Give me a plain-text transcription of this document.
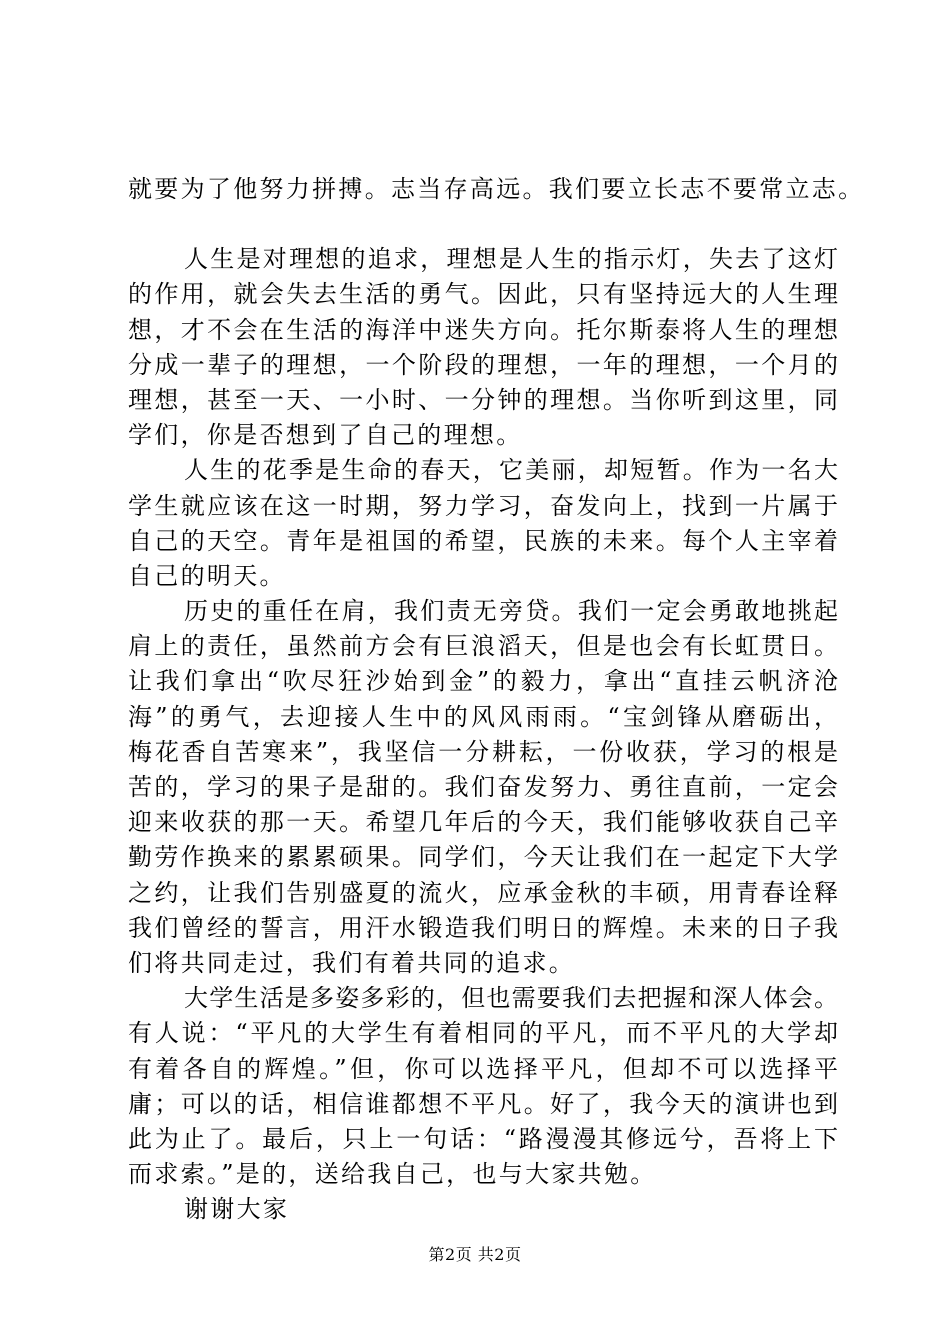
就要为了他努力拼搏。志当存高远。我们要立长志不要常立志。
人生是对理想的追求，理想是人生的指示灯，失去了这灯
的作用，就会失去生活的勇气。因此，只有坚持远大的人生理
想，才不会在生活的海洋中迷失方向。托尔斯泰将人生的理想
分成一辈子的理想，一个阶段的理想，一年的理想，一个月的
理想，甚至一天、一小时、一分钟的理想。当你听到这里，同
学们，你是否想到了自己的理想。
人生的花季是生命的春天，它美丽，却短暂。作为一名大
学生就应该在这一时期，努力学习，奋发向上，找到一片属于
自己的天空。青年是祖国的希望，民族的未来。每个人主宰着
自己的明天。
历史的重任在肩，我们责无旁贷。我们一定会勇敢地挑起
肩上的责任，虽然前方会有巨浪滔天，但是也会有长虹贯日。
让我们拿出“吹尽狂沙始到金”的毅力，拿出“直挂云帆济沧
海”的勇气，去迎接人生中的风风雨雨。“宝剑锋从磨砺出，
梅花香自苦寒来”，我坚信一分耕耘，一份收获，学习的根是
苦的，学习的果子是甜的。我们奋发努力、勇往直前，一定会
迎来收获的那一天。希望几年后的今天，我们能够收获自己辛
勤劳作换来的累累硕果。同学们，今天让我们在一起定下大学
之约，让我们告别盛夏的流火，应承金秋的丰硕，用青春诠释
我们曾经的誓言，用汗水锻造我们明日的辉煌。未来的日子我
们将共同走过，我们有着共同的追求。
大学生活是多姿多彩的，但也需要我们去把握和深人体会。
有人说：“平凡的大学生有着相同的平凡，而不平凡的大学却
有着各自的辉煌。”但，你可以选择平凡，但却不可以选择平
庸；可以的话，相信谁都想不平凡。好了，我今天的演讲也到
此为止了。最后，只上一句话：“路漫漫其修远兮，吾将上下
而求索。”是的，送给我自己，也与大家共勉。
谢谢大家
第2页 共2页
